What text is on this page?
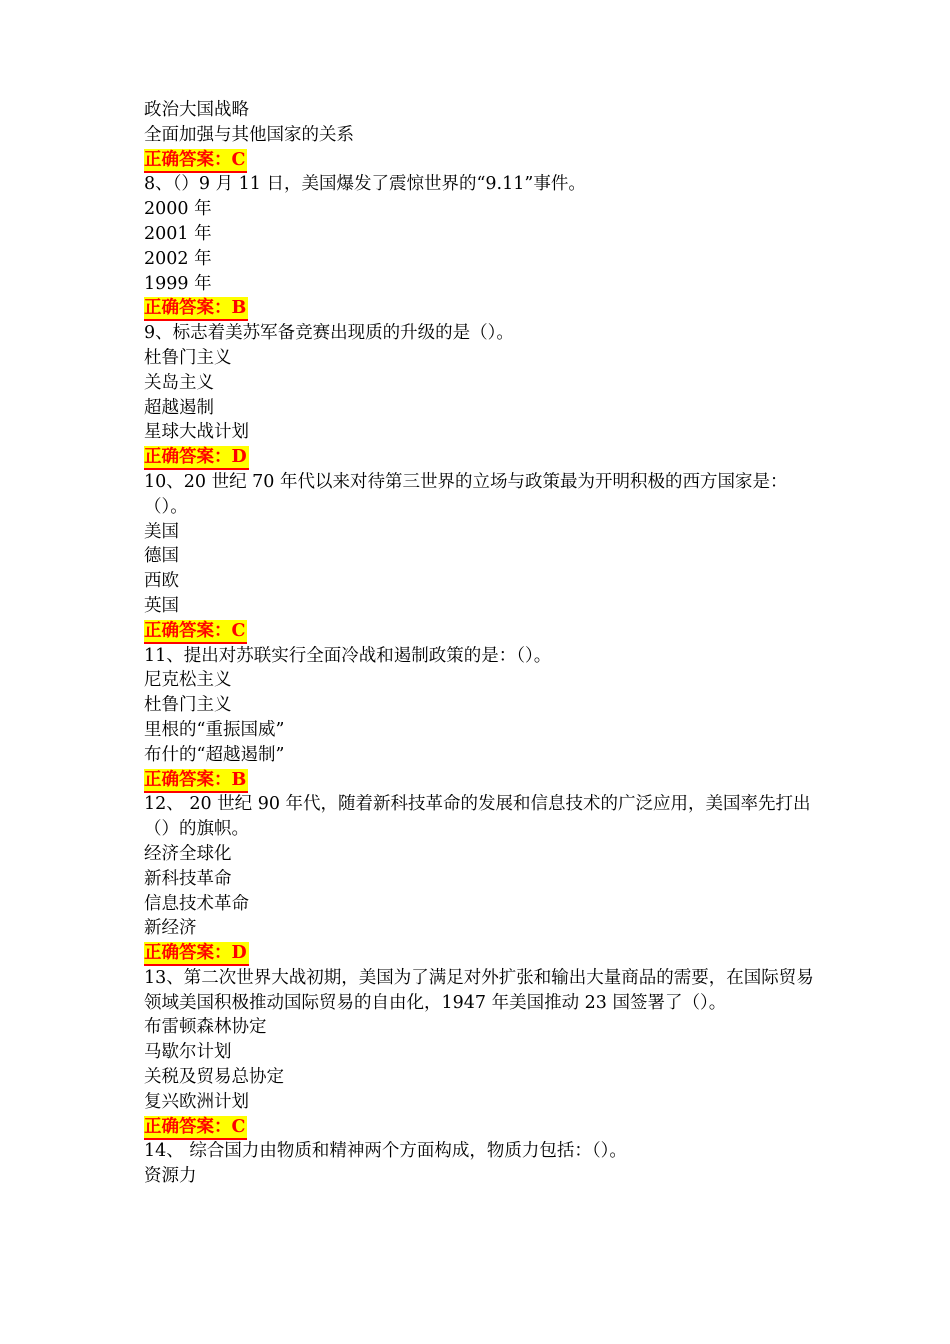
政治大国战略
全面加强与其他国家的关系
正确答案：C
8、（）9 月 11 日，美国爆发了震惊世界的“9.11”事件。
2000 年
2001 年
2002 年
1999 年
正确答案：B
9、标志着美苏军备竞赛出现质的升级的是（）。
杜鲁门主义
关岛主义
超越遏制
星球大战计划
正确答案：D
10、20 世纪 70 年代以来对待第三世界的立场与政策最为开明积极的西方国家是：（）。
美国
德国
西欧
英国
正确答案：C
11、提出对苏联实行全面冷战和遏制政策的是：（）。
尼克松主义
杜鲁门主义
里根的“重振国威”
布什的“超越遏制”
正确答案：B
12、 20 世纪 90 年代，随着新科技革命的发展和信息技术的广泛应用，美国率先打出（）的旗帜。
经济全球化
新科技革命
信息技术革命
新经济
正确答案：D
13、第二次世界大战初期，美国为了满足对外扩张和输出大量商品的需要，在国际贸易领域美国积极推动国际贸易的自由化，1947 年美国推动 23 国签署了（）。
布雷顿森林协定
马歇尔计划
关税及贸易总协定
复兴欧洲计划
正确答案：C
14、 综合国力由物质和精神两个方面构成，物质力包括：（）。
资源力
